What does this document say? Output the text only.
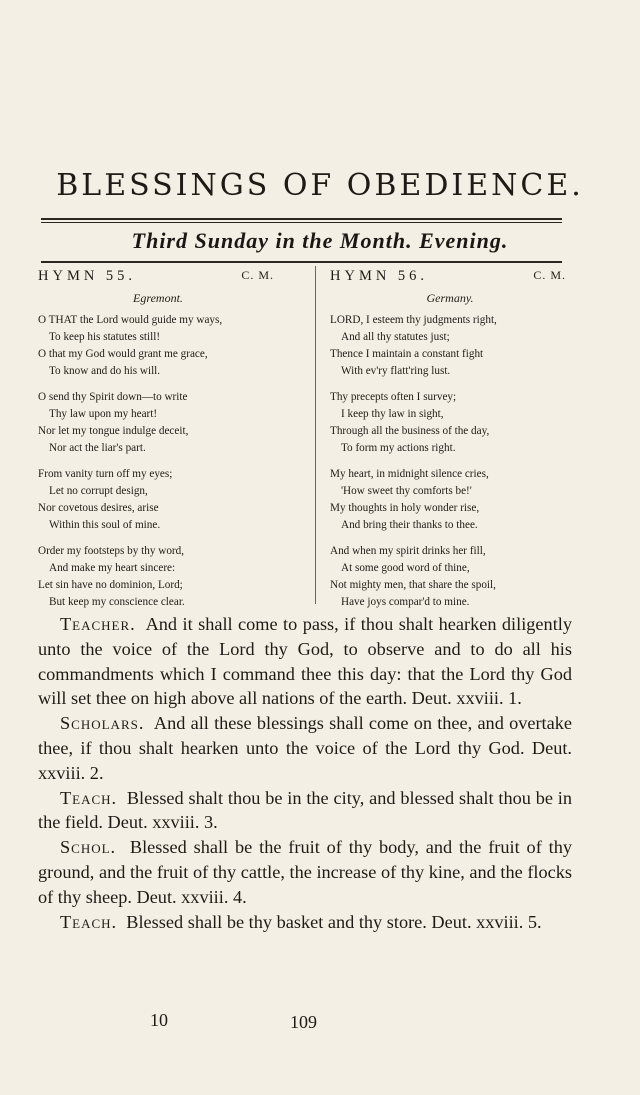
BLESSINGS OF OBEDIENCE.
Third Sunday in the Month. Evening.
HYMN 55.	C. M.
Egremont.
O THAT the Lord would guide my ways,
To keep his statutes still!
O that my God would grant me grace,
To know and do his will.
O send thy Spirit down—to write
Thy law upon my heart!
Nor let my tongue indulge deceit,
Nor act the liar's part.
From vanity turn off my eyes;
Let no corrupt design,
Nor covetous desires, arise
Within this soul of mine.
Order my footsteps by thy word,
And make my heart sincere:
Let sin have no dominion, Lord;
But keep my conscience clear.
HYMN 56.	C. M.
Germany.
LORD, I esteem thy judgments right,
And all thy statutes just;
Thence I maintain a constant fight
With ev'ry flatt'ring lust.
Thy precepts often I survey;
I keep thy law in sight,
Through all the business of the day,
To form my actions right.
My heart, in midnight silence cries,
'How sweet thy comforts be!'
My thoughts in holy wonder rise,
And bring their thanks to thee.
And when my spirit drinks her fill,
At some good word of thine,
Not mighty men, that share the spoil,
Have joys compar'd to mine.
Teacher. And it shall come to pass, if thou shalt hearken diligently unto the voice of the Lord thy God, to observe and to do all his commandments which I command thee this day: that the Lord thy God will set thee on high above all nations of the earth. Deut. xxviii. 1.
Scholars. And all these blessings shall come on thee, and overtake thee, if thou shalt hearken unto the voice of the Lord thy God. Deut. xxviii. 2.
Teach. Blessed shalt thou be in the city, and blessed shalt thou be in the field. Deut. xxviii. 3.
Schol. Blessed shall be the fruit of thy body, and the fruit of thy ground, and the fruit of thy cattle, the increase of thy kine, and the flocks of thy sheep. Deut. xxviii. 4.
Teach. Blessed shall be thy basket and thy store. Deut. xxviii. 5.
10	109
